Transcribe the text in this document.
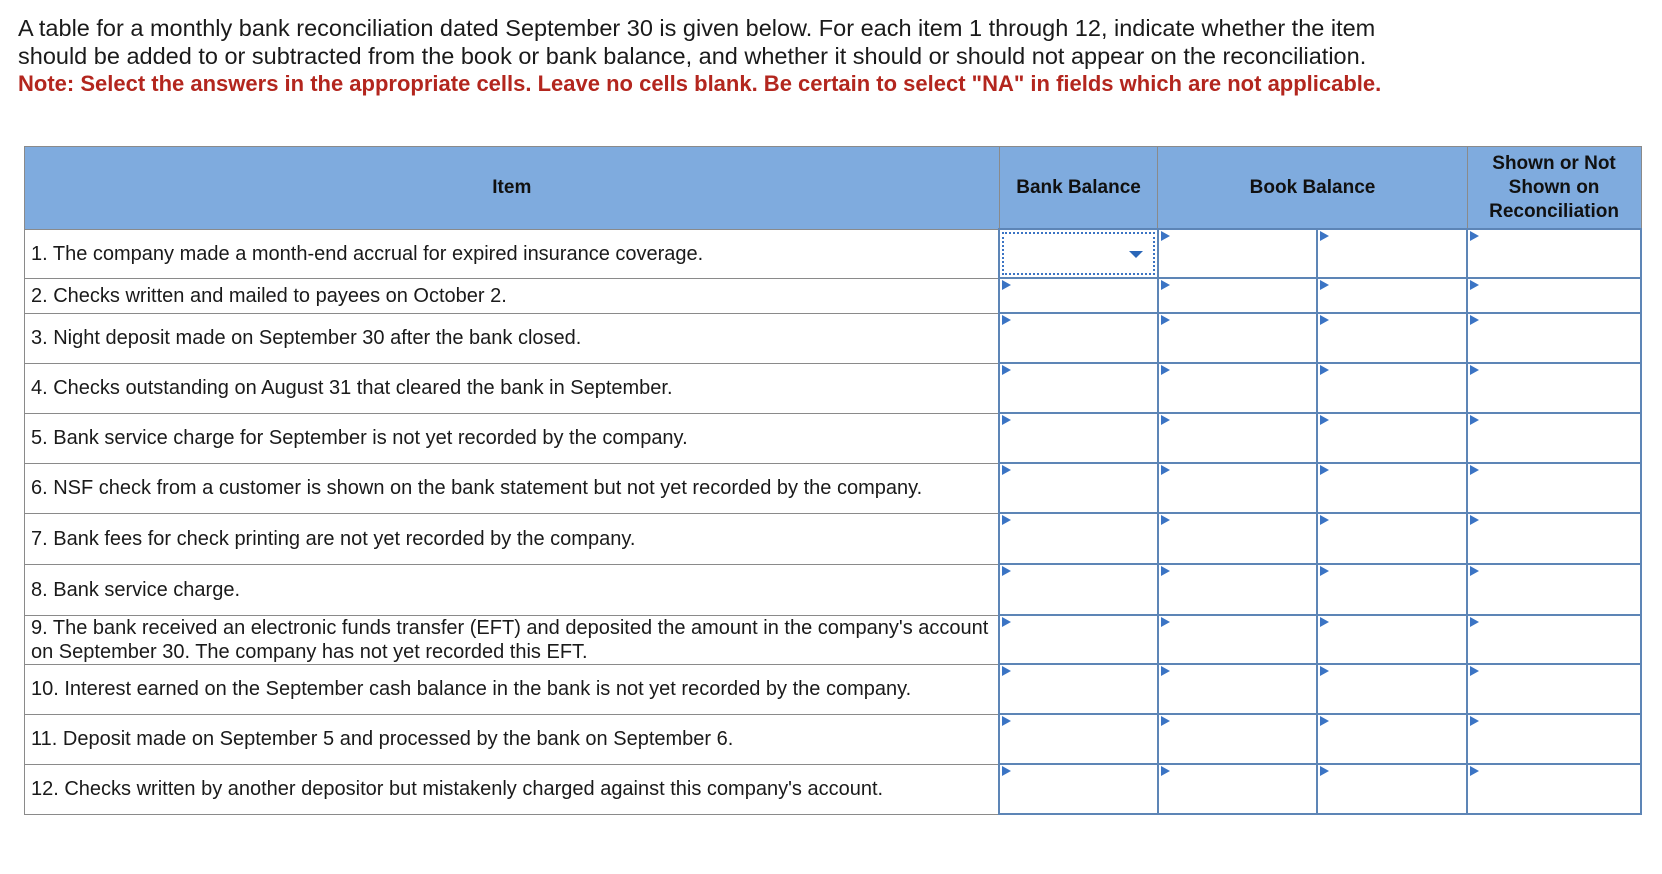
A table for a monthly bank reconciliation dated September 30 is given below. For each item 1 through 12, indicate whether the item

should be added to or subtracted from the book or bank balance, and whether it should or should not appear on the reconciliation.

Note: Select the answers in the appropriate cells. Leave no cells blank. Be certain to select "NA" in fields which are not applicable.

Item	Bank Balance	Book Balance		Shown or Not
Shown on
Reconciliation
1. The company made a month-end accrual for expired insurance coverage.	

2. Checks written and mailed to payees on October 2.	

3. Night deposit made on September 30 after the bank closed.	

4. Checks outstanding on August 31 that cleared the bank in September.	

5. Bank service charge for September is not yet recorded by the company.	

6. NSF check from a customer is shown on the bank statement but not yet recorded by the company.	

7. Bank fees for check printing are not yet recorded by the company.	

8. Bank service charge.	

9. The bank received an electronic funds transfer (EFT) and deposited the amount in the company's account on September 30. The company has not yet recorded this EFT.	

10. Interest earned on the September cash balance in the bank is not yet recorded by the company.	

11. Deposit made on September 5 and processed by the bank on September 6.	

12. Checks written by another depositor but mistakenly charged against this company's account.	
